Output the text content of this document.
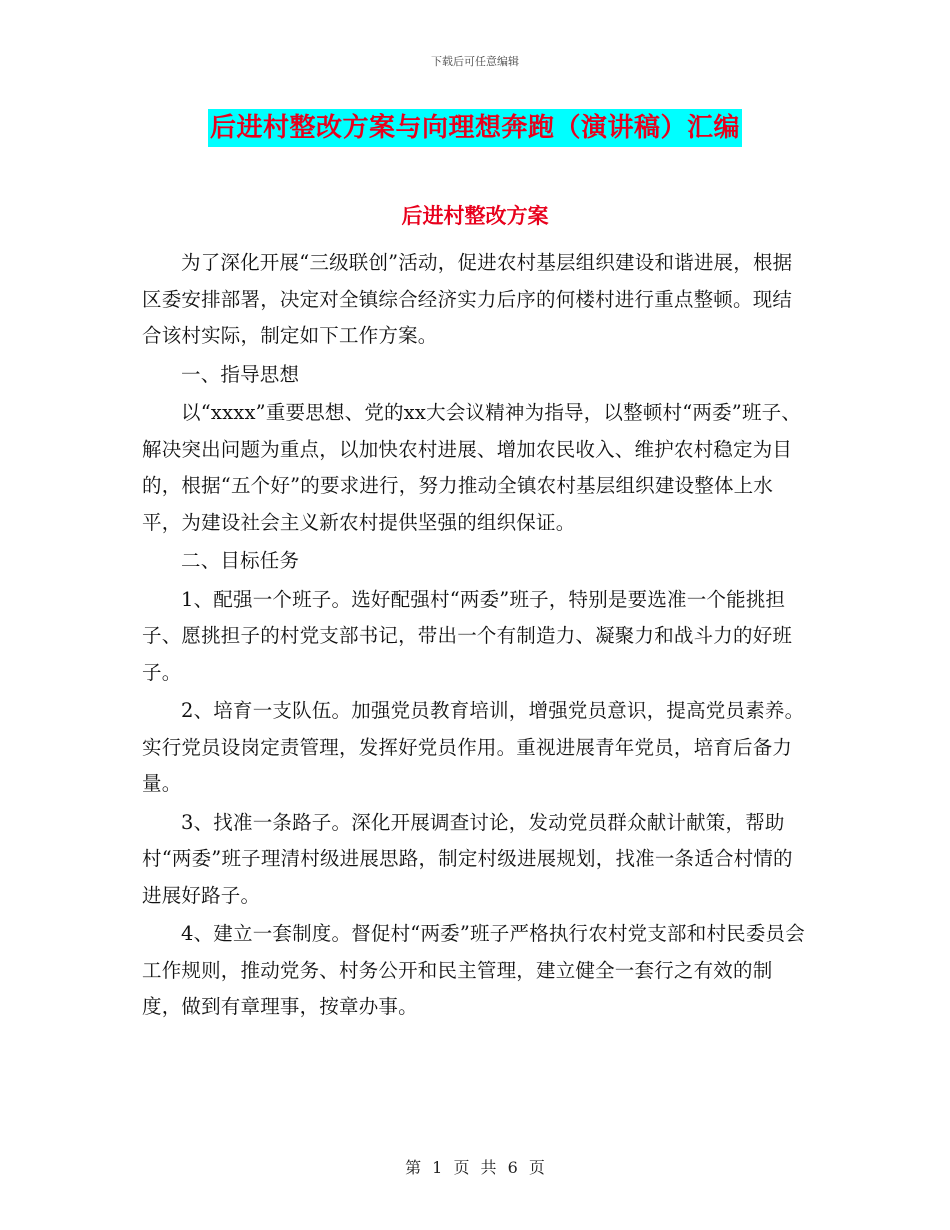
下载后可任意编辑
后进村整改方案与向理想奔跑（演讲稿）汇编
后进村整改方案

为了深化开展“三级联创”活动，促进农村基层组织建设和谐进展，根据区委安排部署，决定对全镇综合经济实力后序的何楼村进行重点整顿。现结合该村实际，制定如下工作方案。

一、指导思想

以“xxxx”重要思想、党的xx大会议精神为指导，以整顿村“两委”班子、解决突出问题为重点，以加快农村进展、增加农民收入、维护农村稳定为目的，根据“五个好”的要求进行，努力推动全镇农村基层组织建设整体上水平，为建设社会主义新农村提供坚强的组织保证。

二、目标任务

1、配强一个班子。选好配强村“两委”班子，特别是要选准一个能挑担子、愿挑担子的村党支部书记，带出一个有制造力、凝聚力和战斗力的好班子。

2、培育一支队伍。加强党员教育培训，增强党员意识，提高党员素养。实行党员设岗定责管理，发挥好党员作用。重视进展青年党员，培育后备力量。

3、找准一条路子。深化开展调查讨论，发动党员群众献计献策，帮助村“两委”班子理清村级进展思路，制定村级进展规划，找准一条适合村情的进展好路子。

4、建立一套制度。督促村“两委”班子严格执行农村党支部和村民委员会工作规则，推动党务、村务公开和民主管理，建立健全一套行之有效的制度，做到有章理事，按章办事。

第 1 页 共 6 页
